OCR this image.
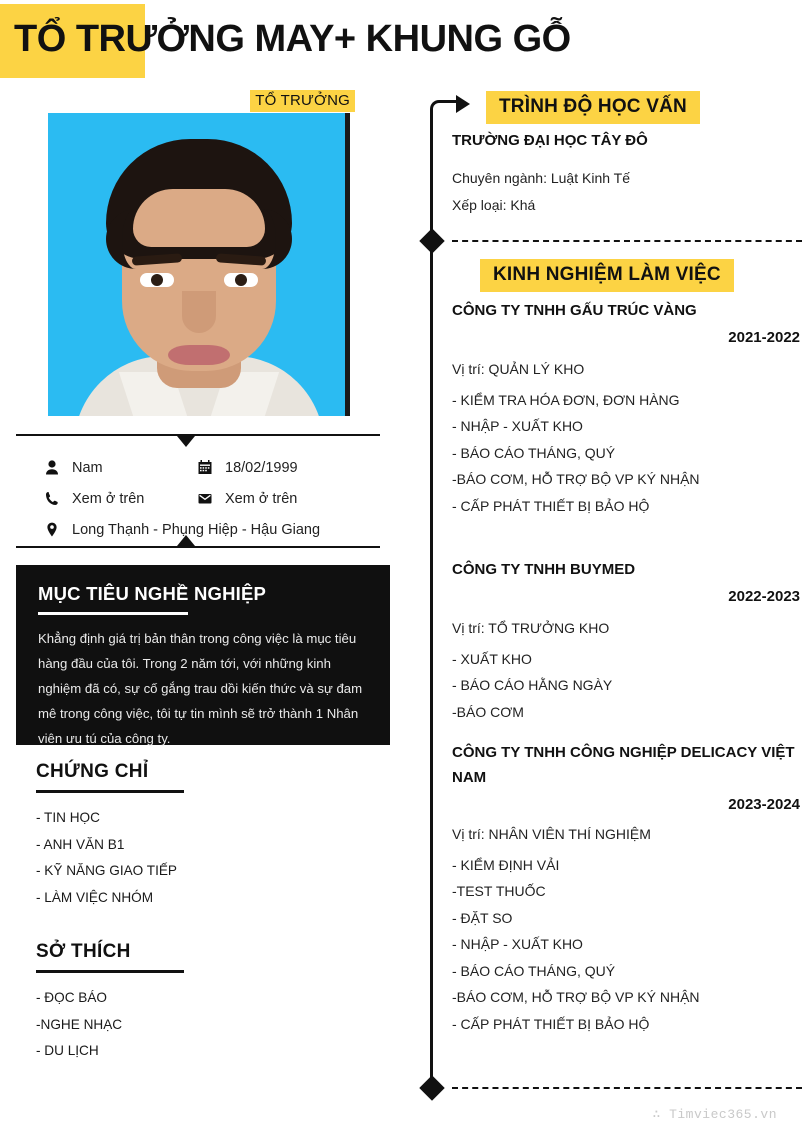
TỔ TRƯỞNG MAY+ KHUNG GỖ
TỔ TRƯỞNG
Nam	18/02/1999
Xem ở trên	Xem ở trên
Long Thạnh - Phụng Hiệp - Hậu Giang
MỤC TIÊU NGHỀ NGHIỆP
Khẳng định giá trị bản thân trong công việc là mục tiêu hàng đầu của tôi. Trong 2 năm tới, với những kinh nghiệm đã có, sự cố gắng trau dồi kiến thức và sự đam mê trong công việc, tôi tự tin mình sẽ trở thành 1 Nhân viên ưu tú của công ty.
CHỨNG CHỈ
- TIN HỌC
- ANH VĂN B1
- KỸ NĂNG GIAO TIẾP
- LÀM VIỆC NHÓM
SỞ THÍCH
- ĐỌC BÁO
-NGHE NHẠC
- DU LỊCH
TRÌNH ĐỘ HỌC VẤN
TRƯỜNG ĐẠI HỌC TÂY ĐÔ
Chuyên ngành: Luật Kinh Tế
Xếp loại: Khá
KINH NGHIỆM LÀM VIỆC
CÔNG TY TNHH GẤU TRÚC VÀNG
2021-2022
Vị trí: QUẢN LÝ KHO
- KIỂM TRA HÓA ĐƠN, ĐƠN HÀNG
- NHẬP - XUẤT KHO
- BÁO CÁO THÁNG, QUÝ
-BÁO CƠM, HỖ TRỢ BỘ VP KÝ NHẬN
- CẤP PHÁT THIẾT BỊ BẢO HỘ
CÔNG TY TNHH BUYMED
2022-2023
Vị trí: TỔ TRƯỞNG KHO
- XUẤT KHO
- BÁO CÁO HẰNG NGÀY
-BÁO CƠM
CÔNG TY TNHH CÔNG NGHIỆP DELICACY VIỆT NAM
2023-2024
Vị trí: NHÂN VIÊN THÍ NGHIỆM
- KIỂM ĐỊNH VẢI
-TEST THUỐC
- ĐẶT SO
- NHẬP - XUẤT KHO
- BÁO CÁO THÁNG, QUÝ
-BÁO CƠM, HỖ TRỢ BỘ VP KÝ NHẬN
- CẤP PHÁT THIẾT BỊ BẢO HỘ
∴ Timviec365.vn
